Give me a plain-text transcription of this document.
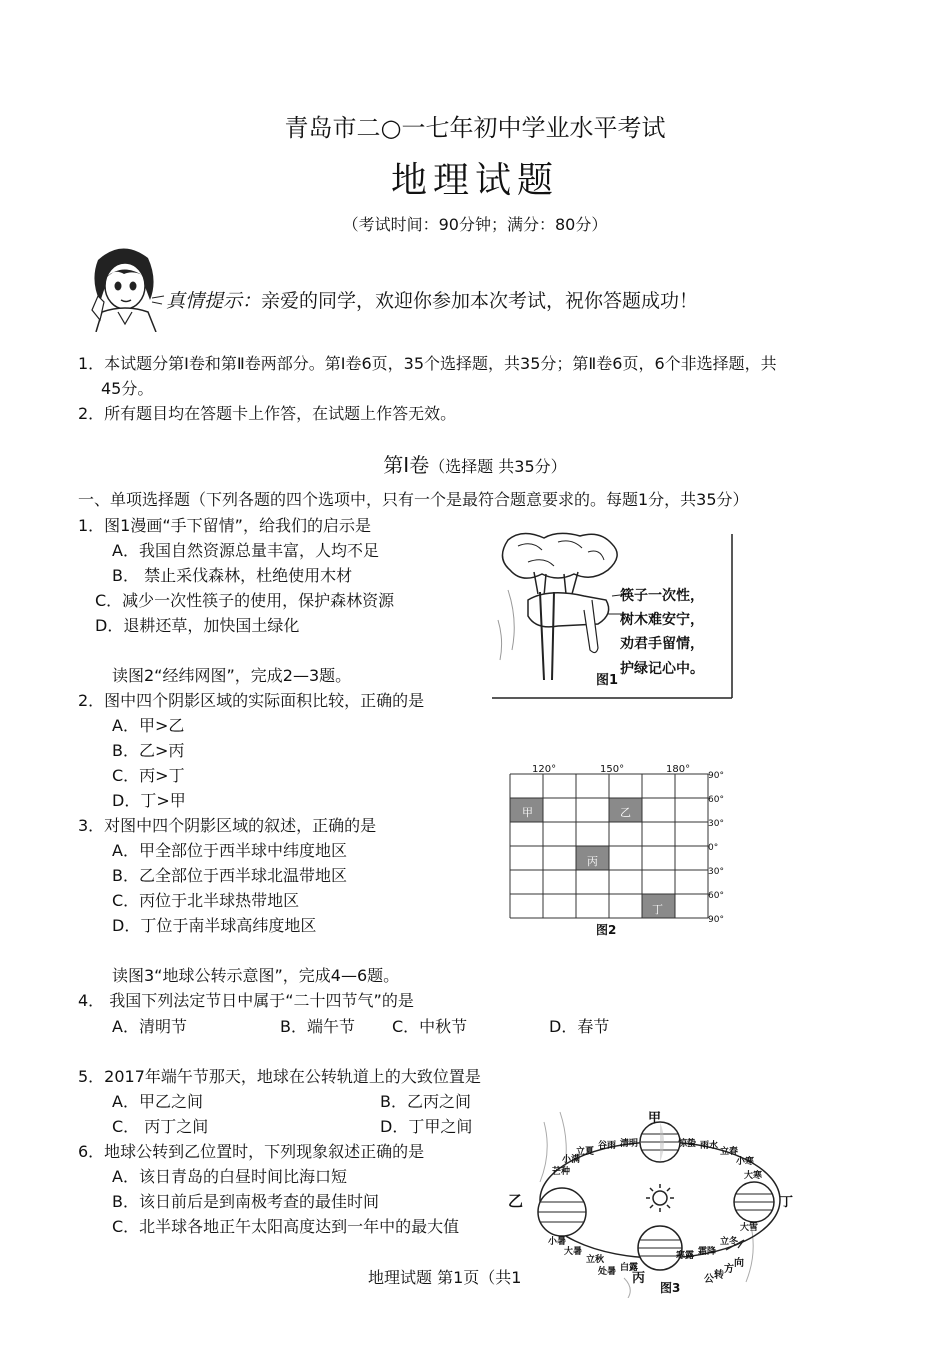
青岛市二○一七年初中学业水平考试
地理试题
（考试时间：90分钟；满分：80分）
真情提示：亲爱的同学，欢迎你参加本次考试，祝你答题成功！
1．本试题分第Ⅰ卷和第Ⅱ卷两部分。第Ⅰ卷6页，35个选择题，共35分；第Ⅱ卷6页，6个非选择题，共
45分。
2．所有题目均在答题卡上作答，在试题上作答无效。
第Ⅰ卷（选择题 共35分）
一、单项选择题（下列各题的四个选项中，只有一个是最符合题意要求的。每题1分，共35分）
1．图1漫画“手下留情”，给我们的启示是
A．我国自然资源总量丰富，人均不足
B． 禁止采伐森林，杜绝使用木材
C．减少一次性筷子的使用，保护森林资源
D．退耕还草，加快国土绿化
读图2“经纬网图”，完成2—3题。
2．图中四个阴影区域的实际面积比较，正确的是
A．甲>乙
B．乙>丙
C．丙>丁
D．丁>甲
3．对图中四个阴影区域的叙述，正确的是
A．甲全部位于西半球中纬度地区
B．乙全部位于西半球北温带地区
C．丙位于北半球热带地区
D．丁位于南半球高纬度地区
读图3“地球公转示意图”，完成4—6题。
4． 我国下列法定节日中属于“二十四节气”的是
A．清明节	B．端午节 C．中秋节	D．春节
5．2017年端午节那天，地球在公转轨道上的大致位置是
A．甲乙之间	B．乙丙之间
C． 丙丁之间	D．丁甲之间
6．地球公转到乙位置时，下列现象叙述正确的是
A．该日青岛的白昼时间比海口短
B．该日前后是到南极考查的最佳时间
C．北半球各地正午太阳高度达到一年中的最大值
图1
筷子一次性，
树木难安宁，
劝君手留情，
护绿记心中。
120°	150°	180°
90°
60°
30°
0°
30°
60°
90°
甲	乙
丙
丁
图2
甲
乙
丙
丁
立夏
谷雨 清明	惊蛰 雨水
立春
小寒
芒种
小满
大寒
小暑
大暑
立秋
处暑 白露
寒露 霜降
立冬
大雪
公 转
方
向
图3
地理试题 第1页（共1
